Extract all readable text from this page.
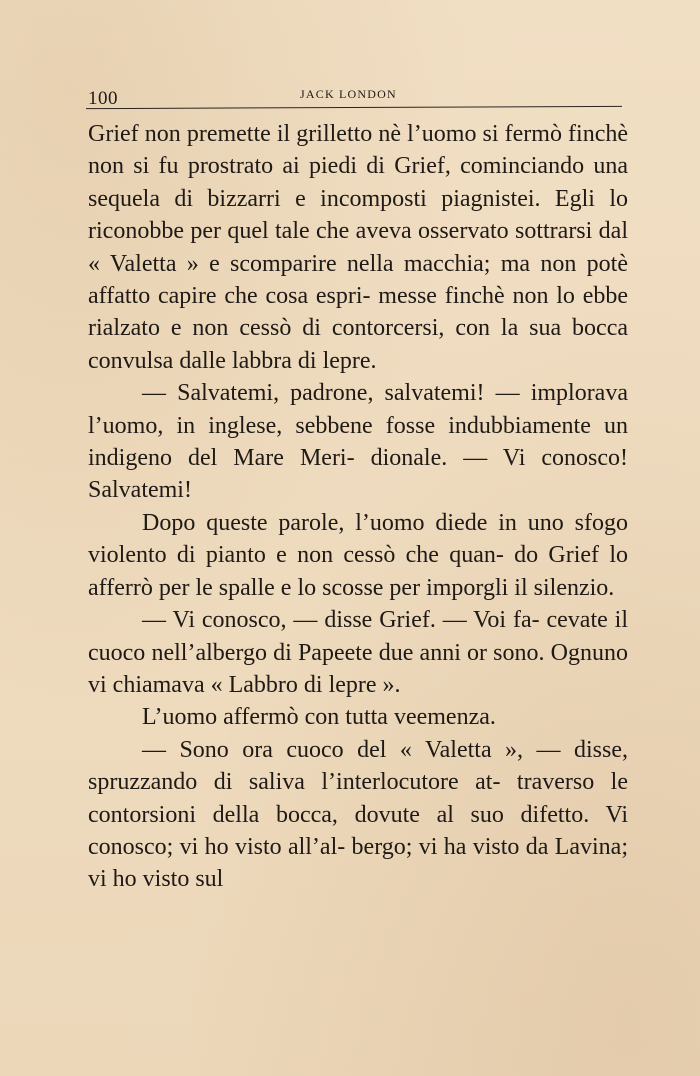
100	JACK LONDON

Grief non premette il grilletto nè l’uomo si fermò finchè non si fu prostrato ai piedi di Grief, cominciando una sequela di bizzarri e incomposti piagnistei. Egli lo riconobbe per quel tale che aveva osservato sottrarsi dal « Valetta » e scomparire nella macchia; ma non potè affatto capire che cosa espri- messe finchè non lo ebbe rialzato e non cessò di contorcersi, con la sua bocca convulsa dalle labbra di lepre.

— Salvatemi, padrone, salvatemi! — implorava l’uomo, in inglese, sebbene fosse indubbiamente un indigeno del Mare Meri- dionale. — Vi conosco! Salvatemi!

Dopo queste parole, l’uomo diede in uno sfogo violento di pianto e non cessò che quan- do Grief lo afferrò per le spalle e lo scosse per imporgli il silenzio.

— Vi conosco, — disse Grief. — Voi fa- cevate il cuoco nell’albergo di Papeete due anni or sono. Ognuno vi chiamava « Labbro di lepre ».

L’uomo affermò con tutta veemenza.

— Sono ora cuoco del « Valetta », — disse, spruzzando di saliva l’interlocutore at- traverso le contorsioni della bocca, dovute al suo difetto. Vi conosco; vi ho visto all’al- bergo; vi ha visto da Lavina; vi ho visto sul
